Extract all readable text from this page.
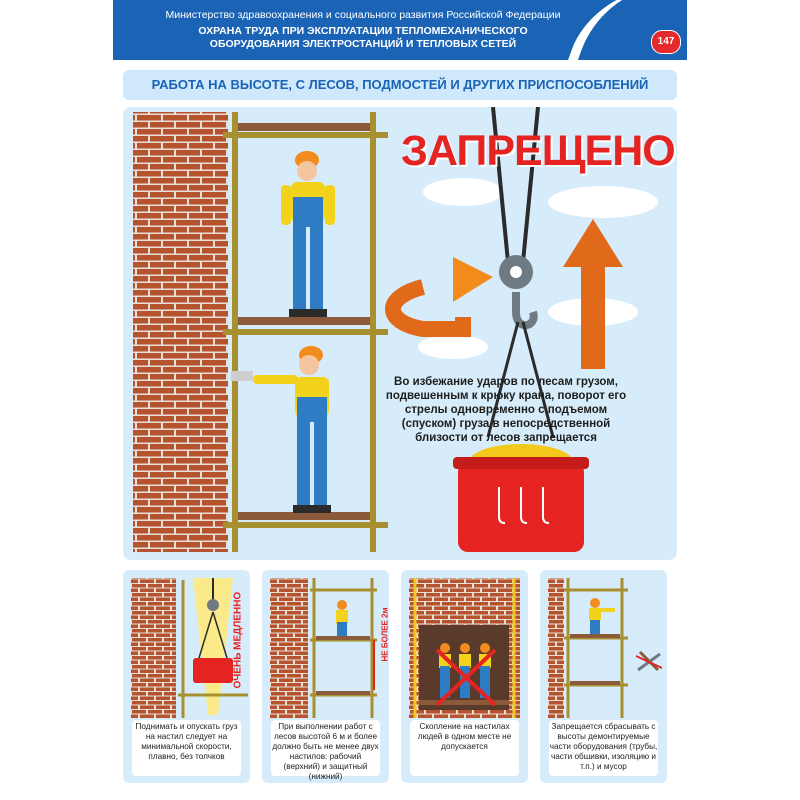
Министерство здравоохранения и социального развития Российской Федерации
ОХРАНА ТРУДА ПРИ ЭКСПЛУАТАЦИИ ТЕПЛОМЕХАНИЧЕСКОГО
ОБОРУДОВАНИЯ ЭЛЕКТРОСТАНЦИЙ И ТЕПЛОВЫХ СЕТЕЙ	147
РАБОТА НА ВЫСОТЕ, С ЛЕСОВ, ПОДМОСТЕЙ И ДРУГИХ ПРИСПОСОБЛЕНИЙ
ЗАПРЕЩЕНО
Во избежание ударов по лесам грузом, подвешенным к крюку крана, поворот его стрелы одновременно с подъемом (спуском) груза в непосредственной близости от лесов запрещается
ОЧЕНЬ МЕДЛЕННО
Поднимать и опускать груз на настил следует на минимальной скорости, плавно, без толчков
НЕ БОЛЕЕ 2м
При выполнении работ с лесов высотой 6 м и более должно быть не менее двух настилов: рабочий (верхний) и защитный (нижний)
Скопление на настилах людей в одном месте не допускается
Запрещается сбрасывать с высоты демонтируемые части оборудования (трубы, части обшивки, изоляцию и т.п.) и мусор
